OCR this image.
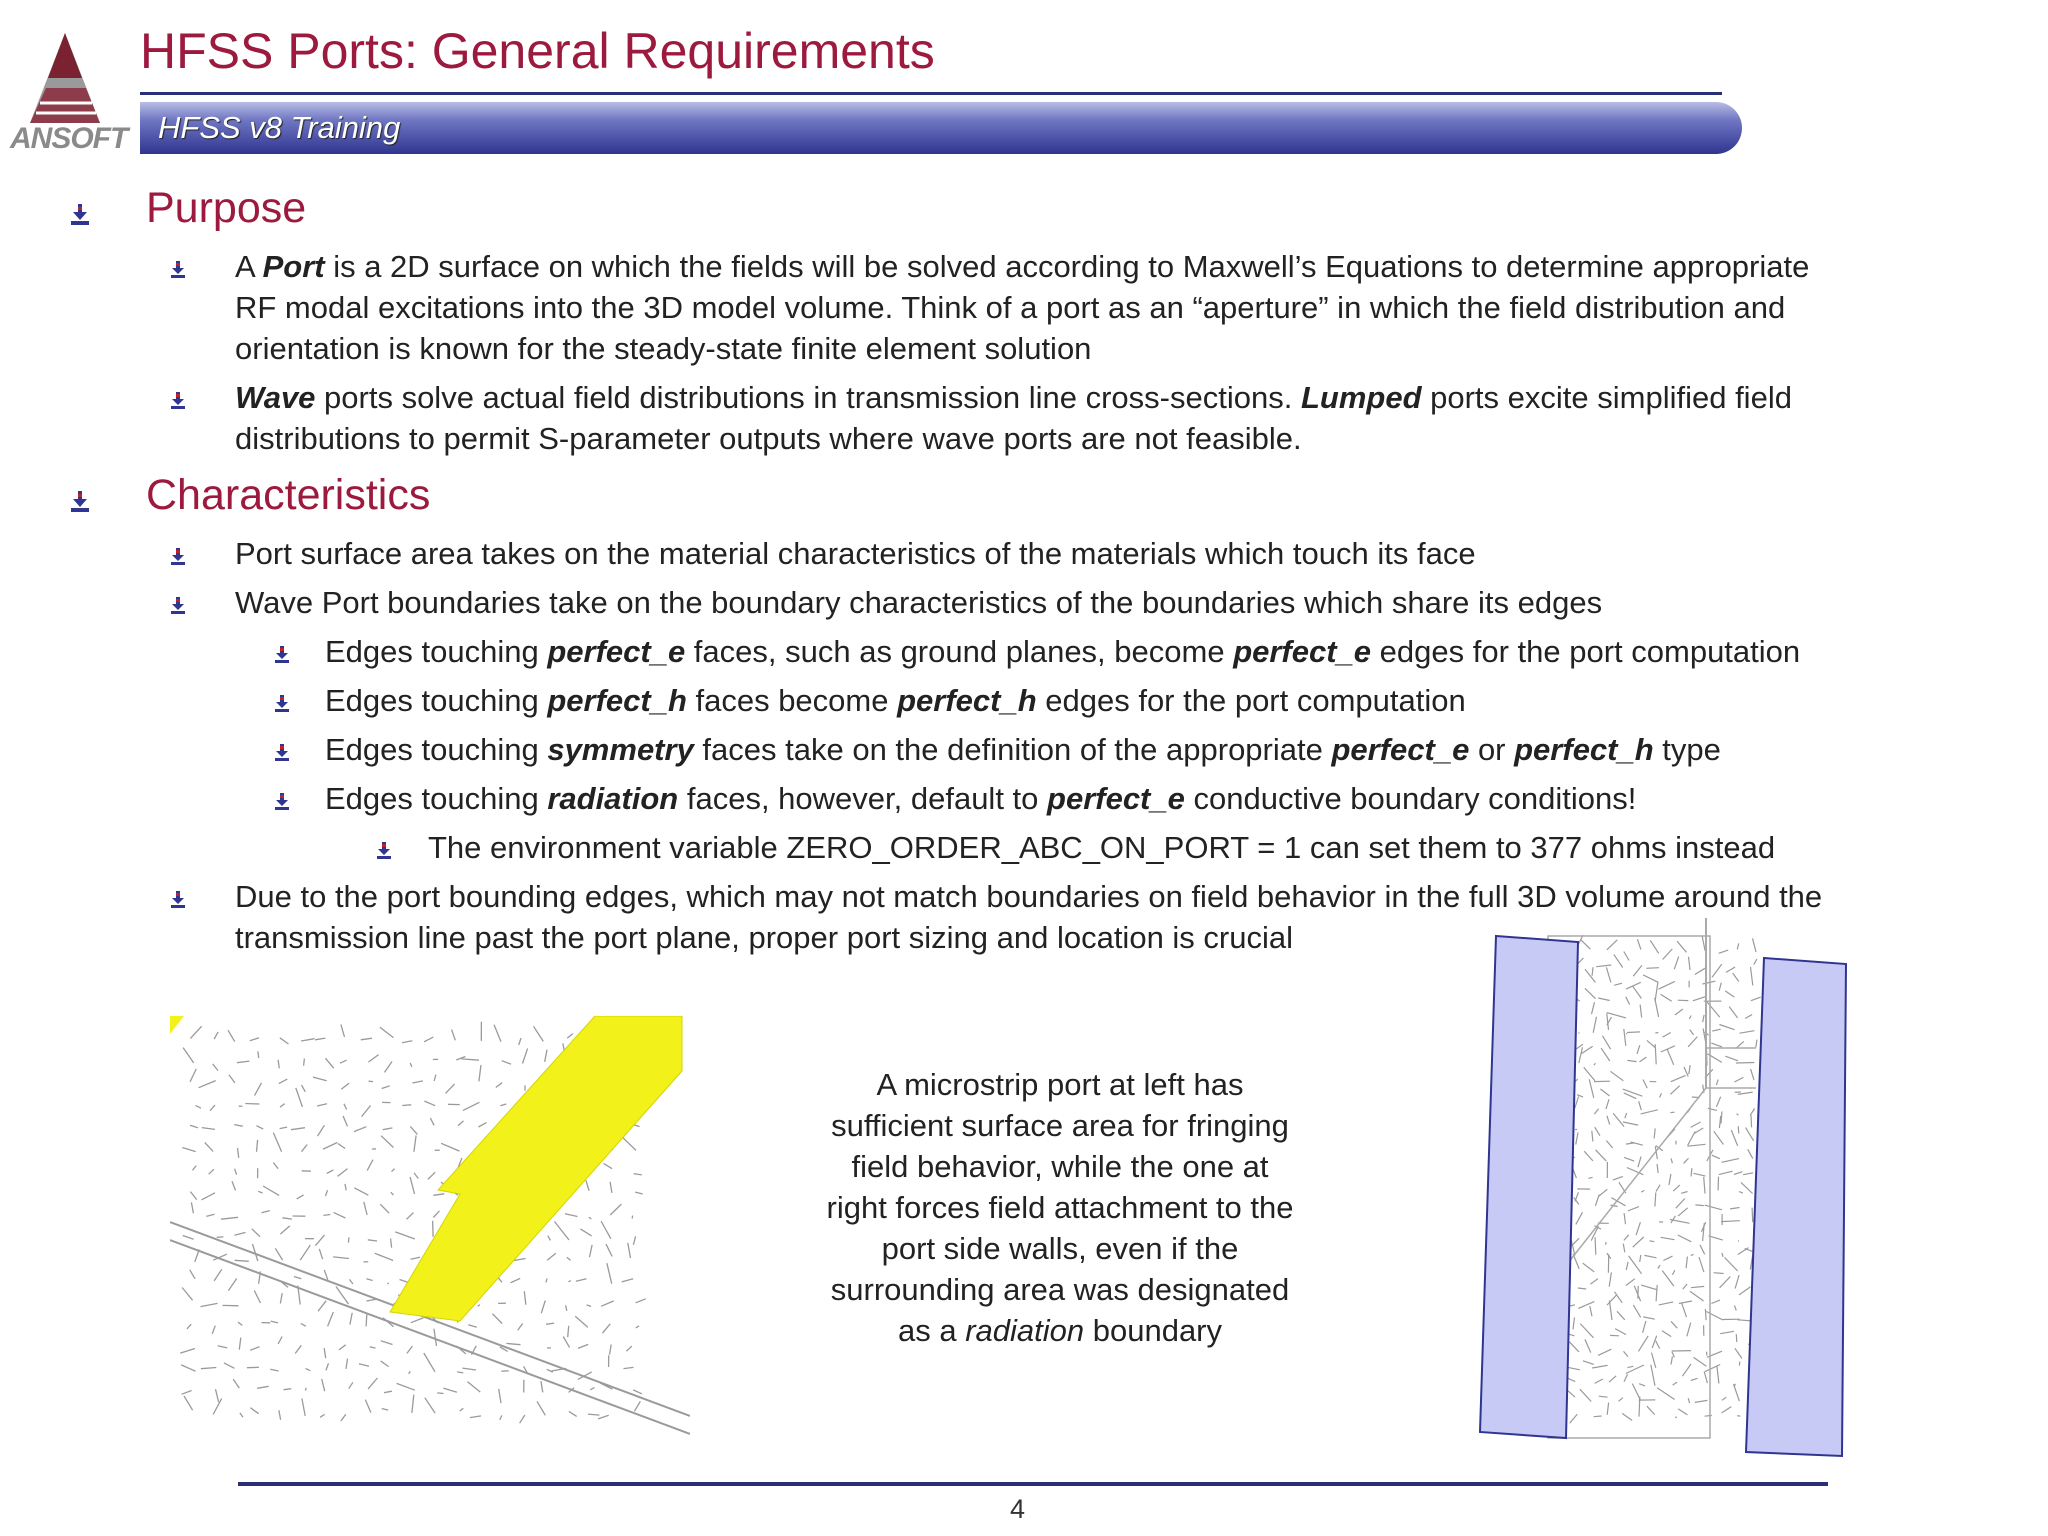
ANSOFT
HFSS Ports: General Requirements
HFSS v8 Training
Purpose
A Port is a 2D surface on which the fields will be solved according to Maxwell’s Equations to determine appropriate
RF modal excitations into the 3D model volume. Think of a port as an “aperture” in which the field distribution and
orientation is known for the steady-state finite element solution
Wave ports solve actual field distributions in transmission line cross-sections. Lumped ports excite simplified field
distributions to permit S-parameter outputs where wave ports are not feasible.
Characteristics
Port surface area takes on the material characteristics of the materials which touch its face
Wave Port boundaries take on the boundary characteristics of the boundaries which share its edges
Edges touching perfect_e faces, such as ground planes, become perfect_e edges for the port computation
Edges touching perfect_h faces become perfect_h edges for the port computation
Edges touching symmetry faces take on the definition of the appropriate perfect_e or perfect_h type
Edges touching radiation faces, however, default to perfect_e conductive boundary conditions!
The environment variable ZERO_ORDER_ABC_ON_PORT = 1 can set them to 377 ohms instead
Due to the port bounding edges, which may not match boundaries on field behavior in the full 3D volume around the
transmission line past the port plane, proper port sizing and location is crucial
A microstrip port at left has
sufficient surface area for fringing
field behavior, while the one at
right forces field attachment to the
port side walls, even if the
surrounding area was designated
as a radiation boundary
4
